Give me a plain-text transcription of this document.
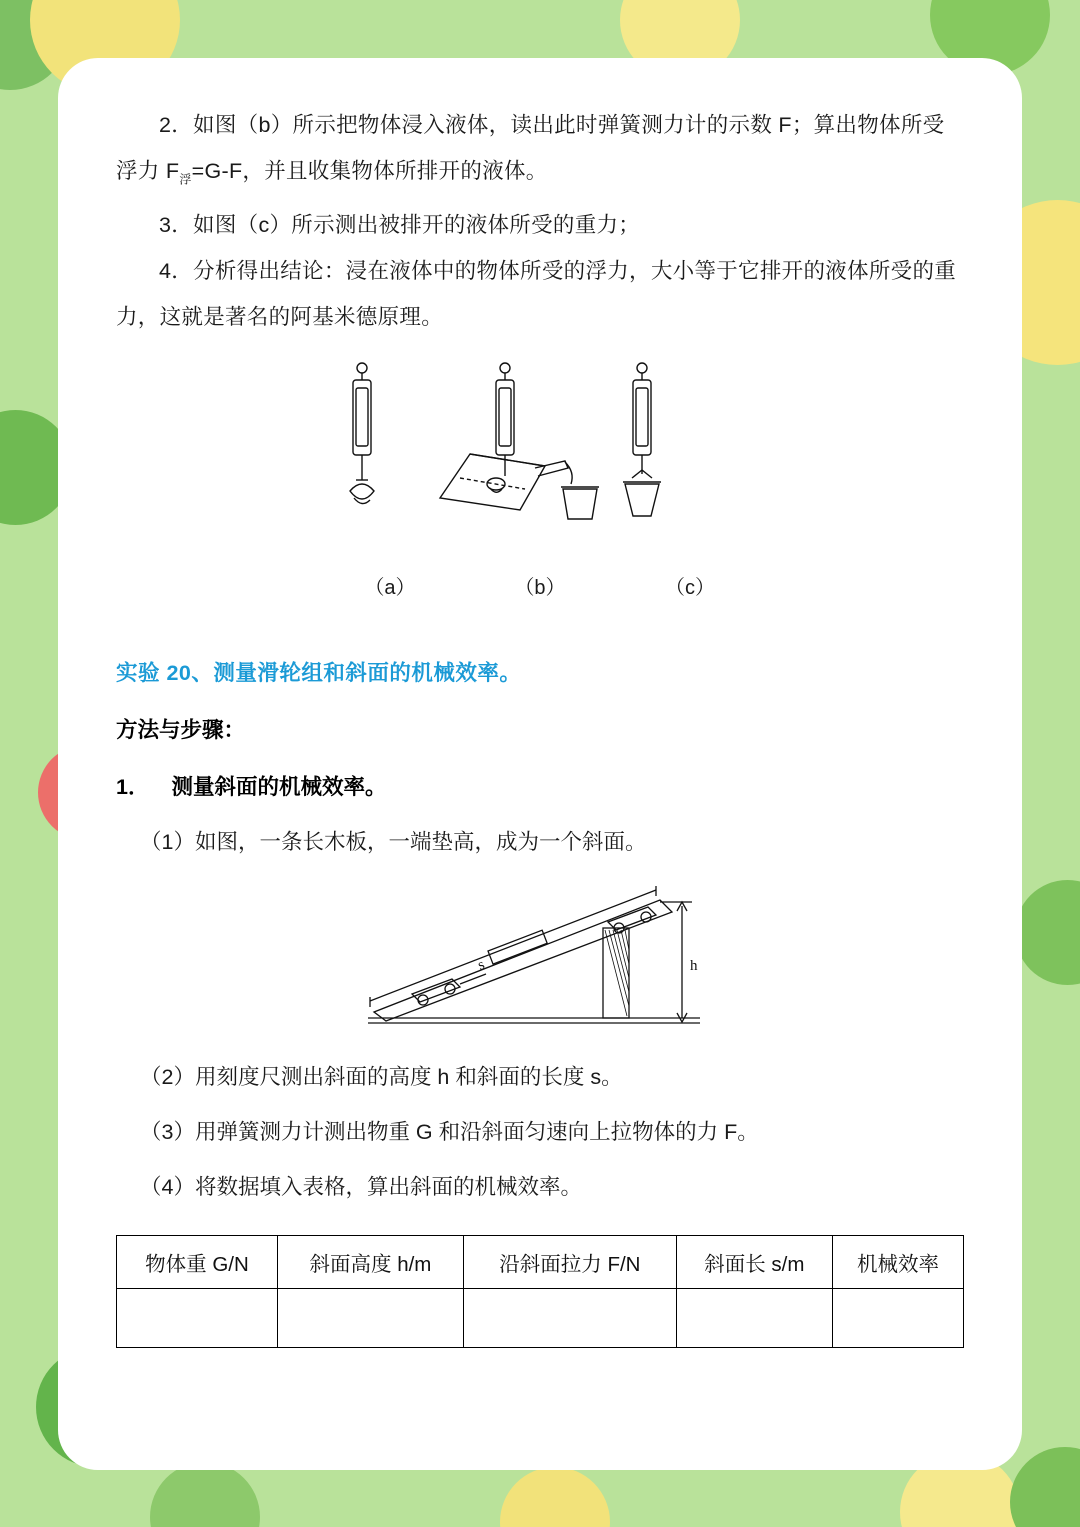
2．如图（b）所示把物体浸入液体，读出此时弹簧测力计的示数 F；算出物体所受浮力 $F_浮=G-F$，并且收集物体所排开的液体。

3．如图（c）所示测出被排开的液体所受的重力；

4．分析得出结论：浸在液体中的物体所受的浮力，大小等于它排开的液体所受的重力，这就是著名的阿基米德原理。

（a）	（b）	（c）
实验 20、测量滑轮组和斜面的机械效率。
方法与步骤：
1． 测量斜面的机械效率。
（1）如图，一条长木板，一端垫高，成为一个斜面。
s	h
（2）用刻度尺测出斜面的高度 h 和斜面的长度 s。
（3）用弹簧测力计测出物重 G 和沿斜面匀速向上拉物体的力 F。
（4）将数据填入表格，算出斜面的机械效率。
物体重 G/N	斜面高度 h/m	沿斜面拉力 F/N	斜面长 s/m	机械效率
